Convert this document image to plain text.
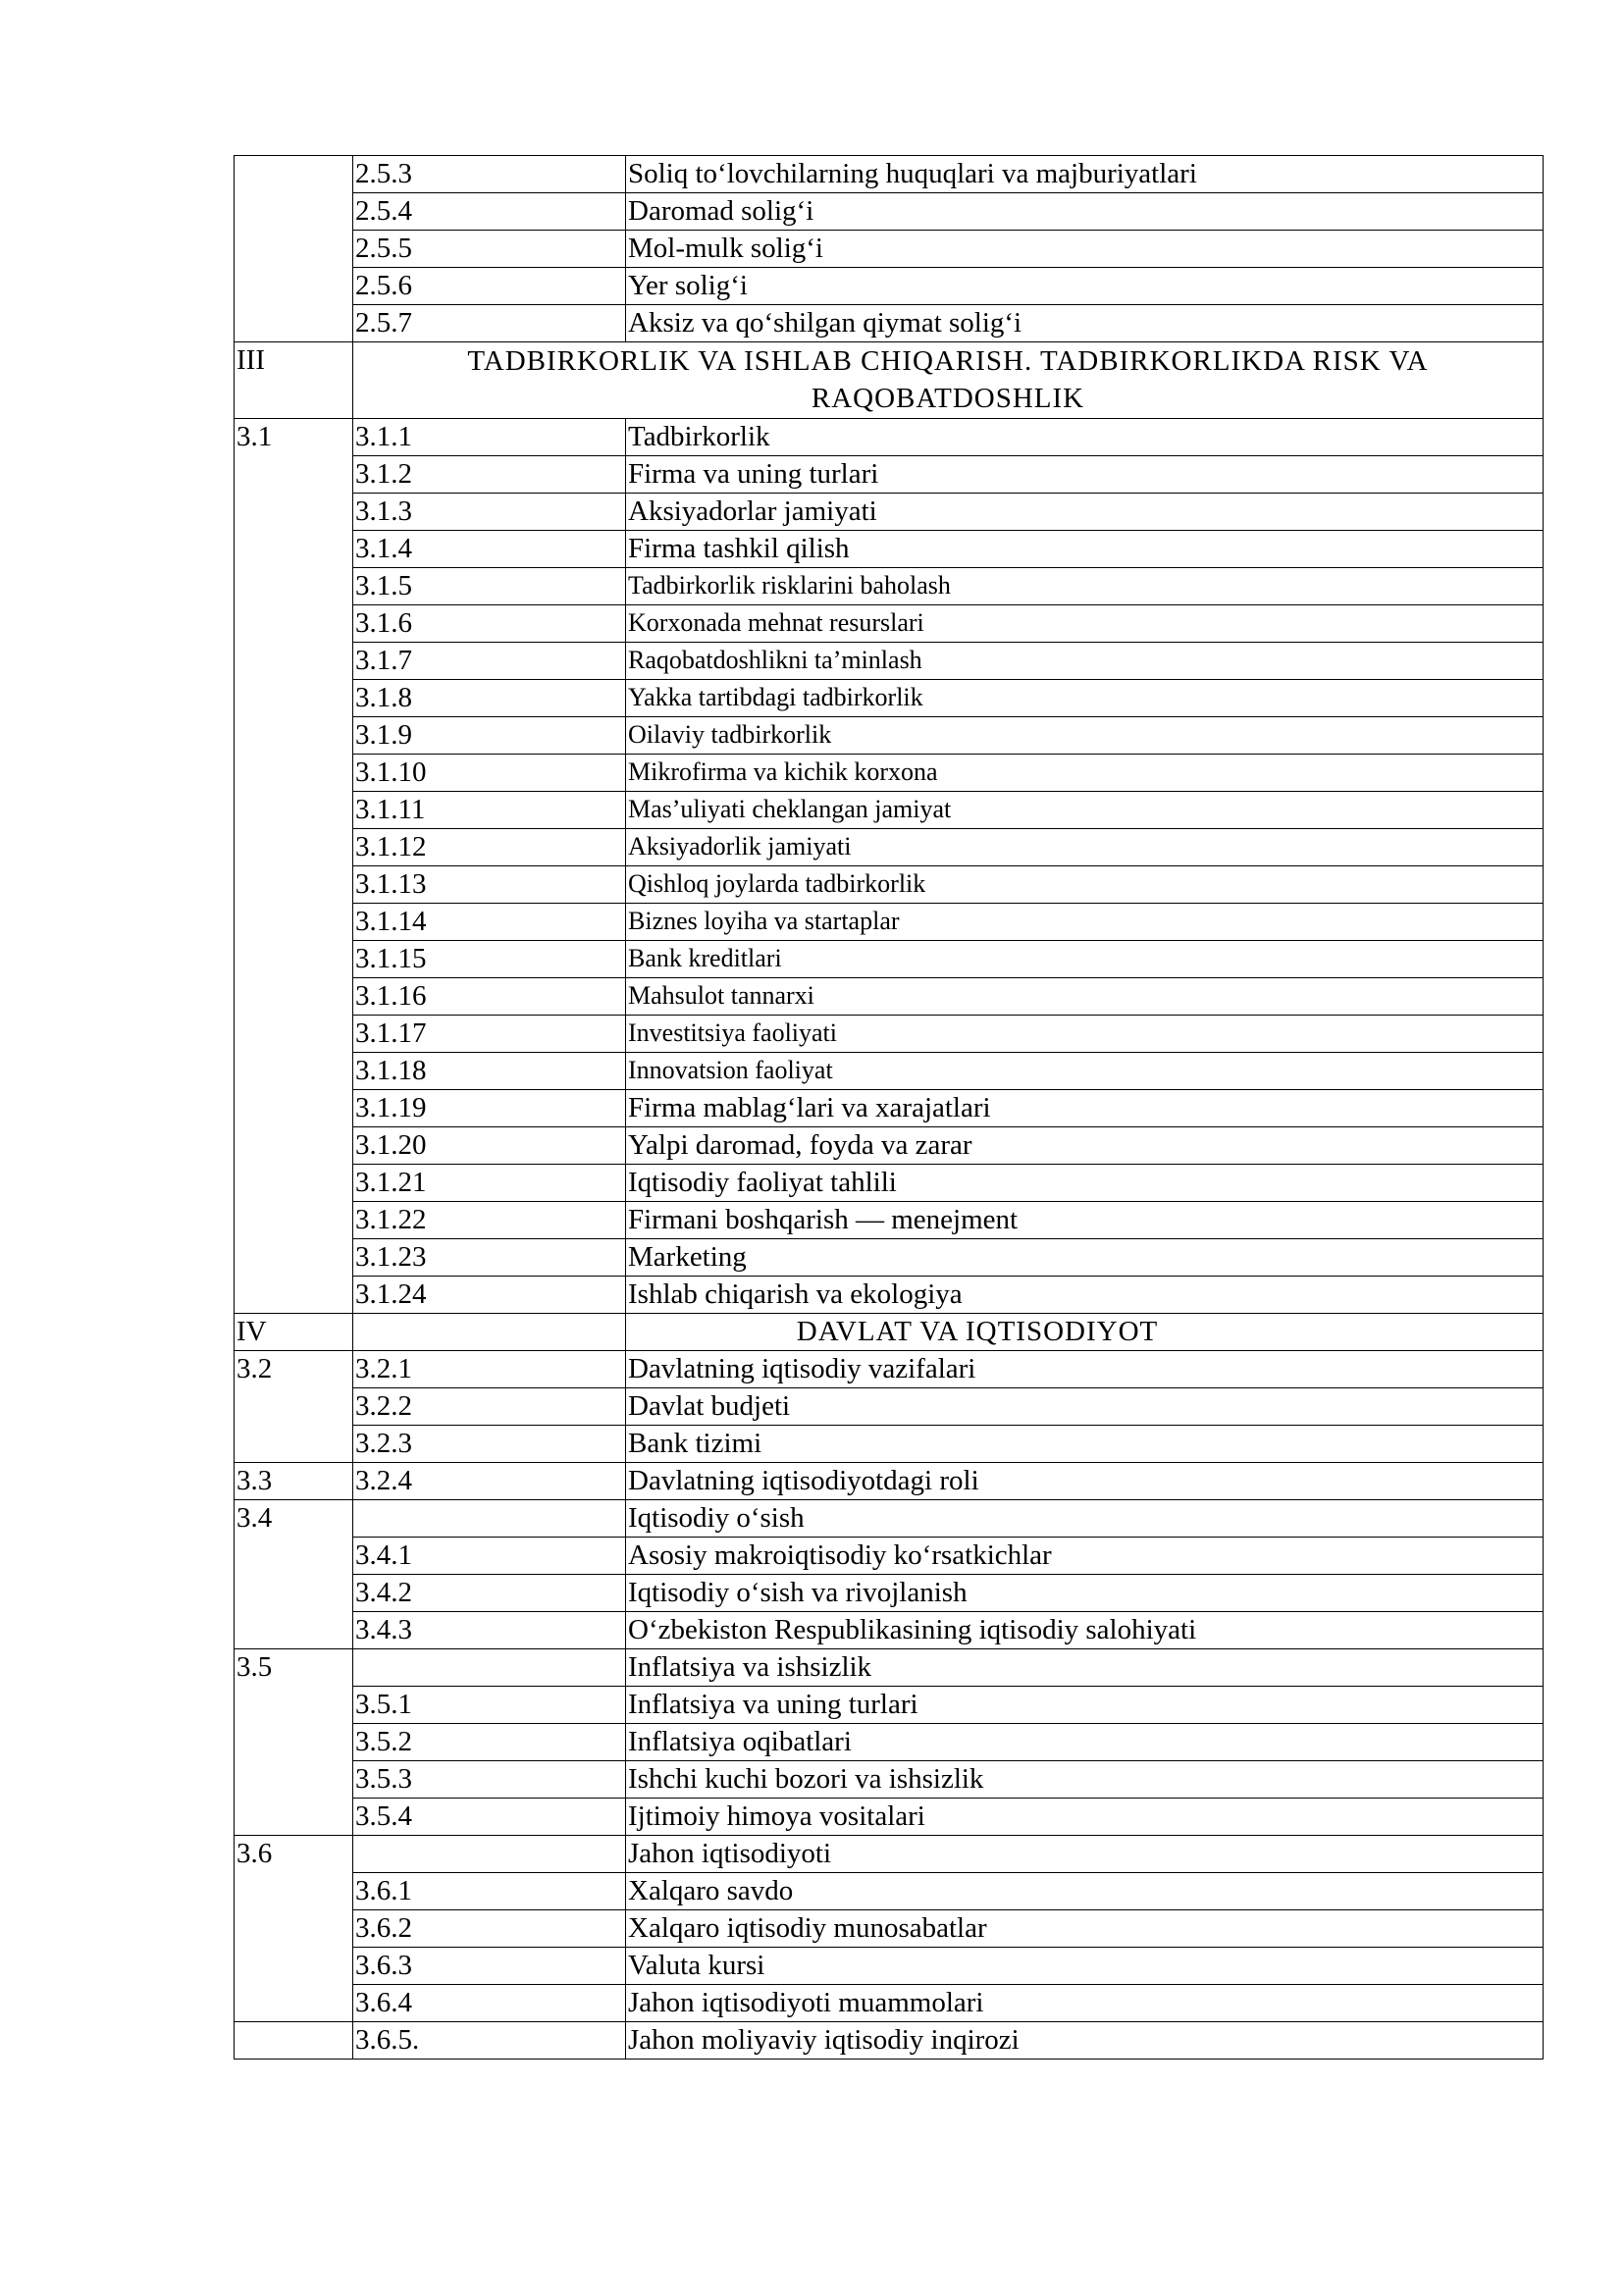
	2.5.3	Soliq to‘lovchilarning huquqlari va majburiyatlari
	2.5.4	Daromad solig‘i
	2.5.5	Mol-mulk solig‘i
	2.5.6	Yer solig‘i
	2.5.7	Aksiz va qo‘shilgan qiymat solig‘i
III	TADBIRKORLIK VA ISHLAB CHIQARISH. TADBIRKORLIKDA RISK VA RAQOBATDOSHLIK	
3.1	3.1.1	Tadbirkorlik
	3.1.2	Firma va uning turlari
	3.1.3	Aksiyadorlar jamiyati
	3.1.4	Firma tashkil qilish
	3.1.5	Tadbirkorlik risklarini baholash
	3.1.6	Korxonada mehnat resurslari
	3.1.7	Raqobatdoshlikni ta’minlash
	3.1.8	Yakka tartibdagi tadbirkorlik
	3.1.9	Oilaviy tadbirkorlik
	3.1.10	Mikrofirma va kichik korxona
	3.1.11	Mas’uliyati cheklangan jamiyat
	3.1.12	Aksiyadorlik jamiyati
	3.1.13	Qishloq joylarda tadbirkorlik
	3.1.14	Biznes loyiha va startaplar
	3.1.15	Bank kreditlari
	3.1.16	Mahsulot tannarxi
	3.1.17	Investitsiya faoliyati
	3.1.18	Innovatsion faoliyat
	3.1.19	Firma mablag‘lari va xarajatlari
	3.1.20	Yalpi daromad, foyda va zarar
	3.1.21	Iqtisodiy faoliyat tahlili
	3.1.22	Firmani boshqarish — menejment
	3.1.23	Marketing
	3.1.24	Ishlab chiqarish va ekologiya
IV		DAVLAT VA IQTISODIYOT
3.2	3.2.1	Davlatning iqtisodiy vazifalari
	3.2.2	Davlat budjeti
	3.2.3	Bank tizimi
3.3	3.2.4	Davlatning iqtisodiyotdagi roli
3.4		Iqtisodiy o‘sish
	3.4.1	Asosiy makroiqtisodiy ko‘rsatkichlar
	3.4.2	Iqtisodiy o‘sish va rivojlanish
	3.4.3	O‘zbekiston Respublikasining iqtisodiy salohiyati
3.5		Inflatsiya va ishsizlik
	3.5.1	Inflatsiya va uning turlari
	3.5.2	Inflatsiya oqibatlari
	3.5.3	Ishchi kuchi bozori va ishsizlik
	3.5.4	Ijtimoiy himoya vositalari
3.6		Jahon iqtisodiyoti
	3.6.1	Xalqaro savdo
	3.6.2	Xalqaro iqtisodiy munosabatlar
	3.6.3	Valuta kursi
	3.6.4	Jahon iqtisodiyoti muammolari
	3.6.5.	Jahon moliyaviy iqtisodiy inqirozi
